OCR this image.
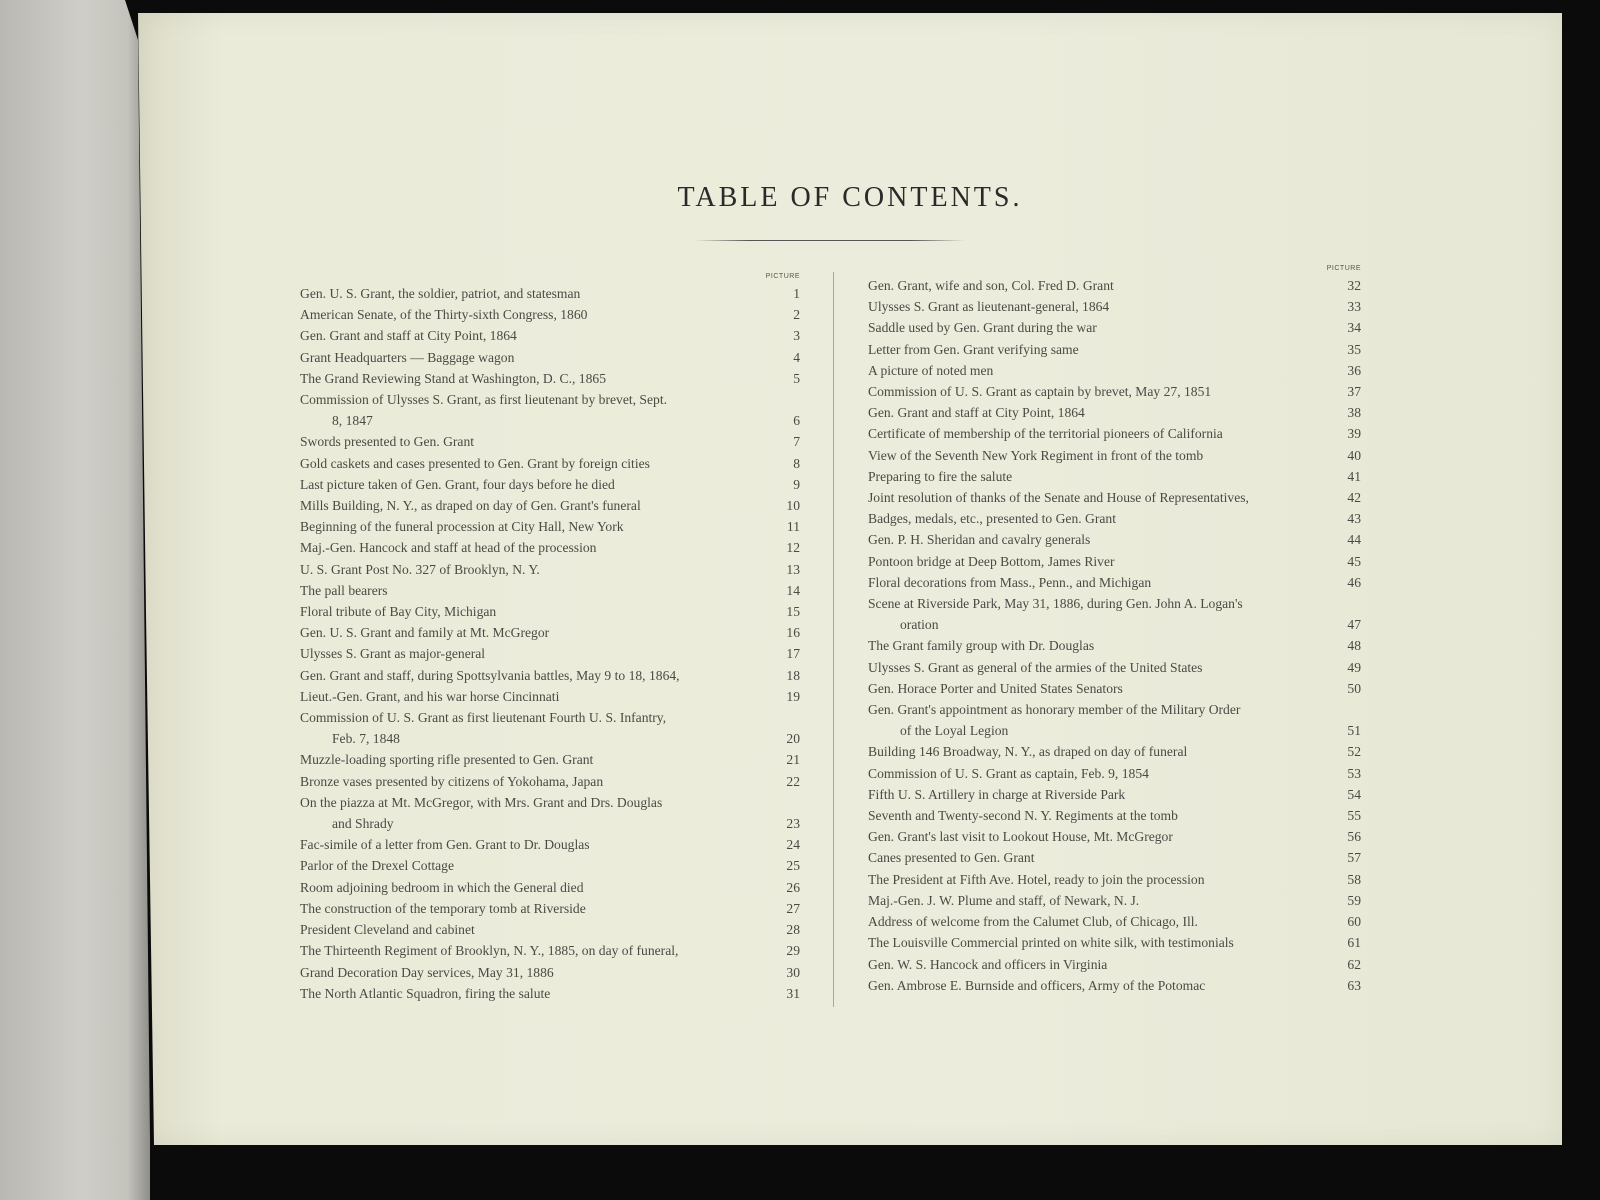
TABLE OF CONTENTS.
PICTURE
Gen. U. S. Grant, the soldier, patriot, and statesman	1
American Senate, of the Thirty-sixth Congress, 1860	2
Gen. Grant and staff at City Point, 1864	3
Grant Headquarters — Baggage wagon	4
The Grand Reviewing Stand at Washington, D. C., 1865	5
Commission of Ulysses S. Grant, as first lieutenant by brevet, Sept.
8, 1847	6
Swords presented to Gen. Grant	7
Gold caskets and cases presented to Gen. Grant by foreign cities	8
Last picture taken of Gen. Grant, four days before he died	9
Mills Building, N. Y., as draped on day of Gen. Grant's funeral	10
Beginning of the funeral procession at City Hall, New York	11
Maj.-Gen. Hancock and staff at head of the procession	12
U. S. Grant Post No. 327 of Brooklyn, N. Y.	13
The pall bearers	14
Floral tribute of Bay City, Michigan	15
Gen. U. S. Grant and family at Mt. McGregor	16
Ulysses S. Grant as major-general	17
Gen. Grant and staff, during Spottsylvania battles, May 9 to 18, 1864,	18
Lieut.-Gen. Grant, and his war horse Cincinnati	19
Commission of U. S. Grant as first lieutenant Fourth U. S. Infantry,
Feb. 7, 1848	20
Muzzle-loading sporting rifle presented to Gen. Grant	21
Bronze vases presented by citizens of Yokohama, Japan	22
On the piazza at Mt. McGregor, with Mrs. Grant and Drs. Douglas
and Shrady	23
Fac-simile of a letter from Gen. Grant to Dr. Douglas	24
Parlor of the Drexel Cottage	25
Room adjoining bedroom in which the General died	26
The construction of the temporary tomb at Riverside	27
President Cleveland and cabinet	28
The Thirteenth Regiment of Brooklyn, N. Y., 1885, on day of funeral,	29
Grand Decoration Day services, May 31, 1886	30
The North Atlantic Squadron, firing the salute	31
PICTURE
Gen. Grant, wife and son, Col. Fred D. Grant	32
Ulysses S. Grant as lieutenant-general, 1864	33
Saddle used by Gen. Grant during the war	34
Letter from Gen. Grant verifying same	35
A picture of noted men	36
Commission of U. S. Grant as captain by brevet, May 27, 1851	37
Gen. Grant and staff at City Point, 1864	38
Certificate of membership of the territorial pioneers of California	39
View of the Seventh New York Regiment in front of the tomb	40
Preparing to fire the salute	41
Joint resolution of thanks of the Senate and House of Representatives,	42
Badges, medals, etc., presented to Gen. Grant	43
Gen. P. H. Sheridan and cavalry generals	44
Pontoon bridge at Deep Bottom, James River	45
Floral decorations from Mass., Penn., and Michigan	46
Scene at Riverside Park, May 31, 1886, during Gen. John A. Logan's
oration	47
The Grant family group with Dr. Douglas	48
Ulysses S. Grant as general of the armies of the United States	49
Gen. Horace Porter and United States Senators	50
Gen. Grant's appointment as honorary member of the Military Order
of the Loyal Legion	51
Building 146 Broadway, N. Y., as draped on day of funeral	52
Commission of U. S. Grant as captain, Feb. 9, 1854	53
Fifth U. S. Artillery in charge at Riverside Park	54
Seventh and Twenty-second N. Y. Regiments at the tomb	55
Gen. Grant's last visit to Lookout House, Mt. McGregor	56
Canes presented to Gen. Grant	57
The President at Fifth Ave. Hotel, ready to join the procession	58
Maj.-Gen. J. W. Plume and staff, of Newark, N. J.	59
Address of welcome from the Calumet Club, of Chicago, Ill.	60
The Louisville Commercial printed on white silk, with testimonials	61
Gen. W. S. Hancock and officers in Virginia	62
Gen. Ambrose E. Burnside and officers, Army of the Potomac	63
